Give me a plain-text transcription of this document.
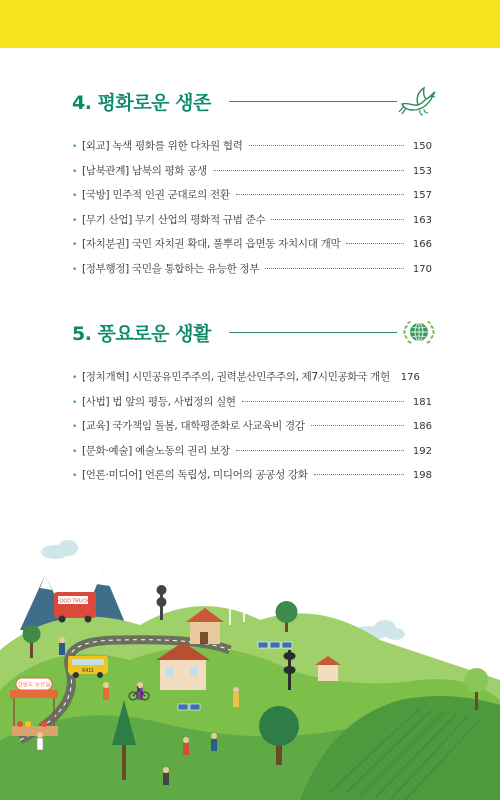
4. 평화로운 생존
• [외교] 녹색 평화를 위한 다차원 협력	150
• [남북관계] 남북의 평화 공생	153
• [국방] 민주적 인권 군대로의 전환	157
• [무기 산업] 무기 산업의 평화적 규범 준수	163
• [자치분권] 국민 자치권 확대, 풀뿌리 읍면동 자치시대 개막	166
• [정부행정] 국민을 통합하는 유능한 정부	170
5. 풍요로운 생활
• [정치개혁] 시민공유민주주의, 권력분산민주주의, 제7시민공화국 개헌 176
• [사법] 법 앞의 평등, 사법정의 실현	181
• [교육] 국가책임 돌봄, 대학평준화로 사교육비 경감	186
• [문화·예술] 예술노동의 권리 보장	192
• [언론·미디어] 언론의 독립성, 미디어의 공공성 강화	198
FOOD TRUCK
6411
강원도 농산물
